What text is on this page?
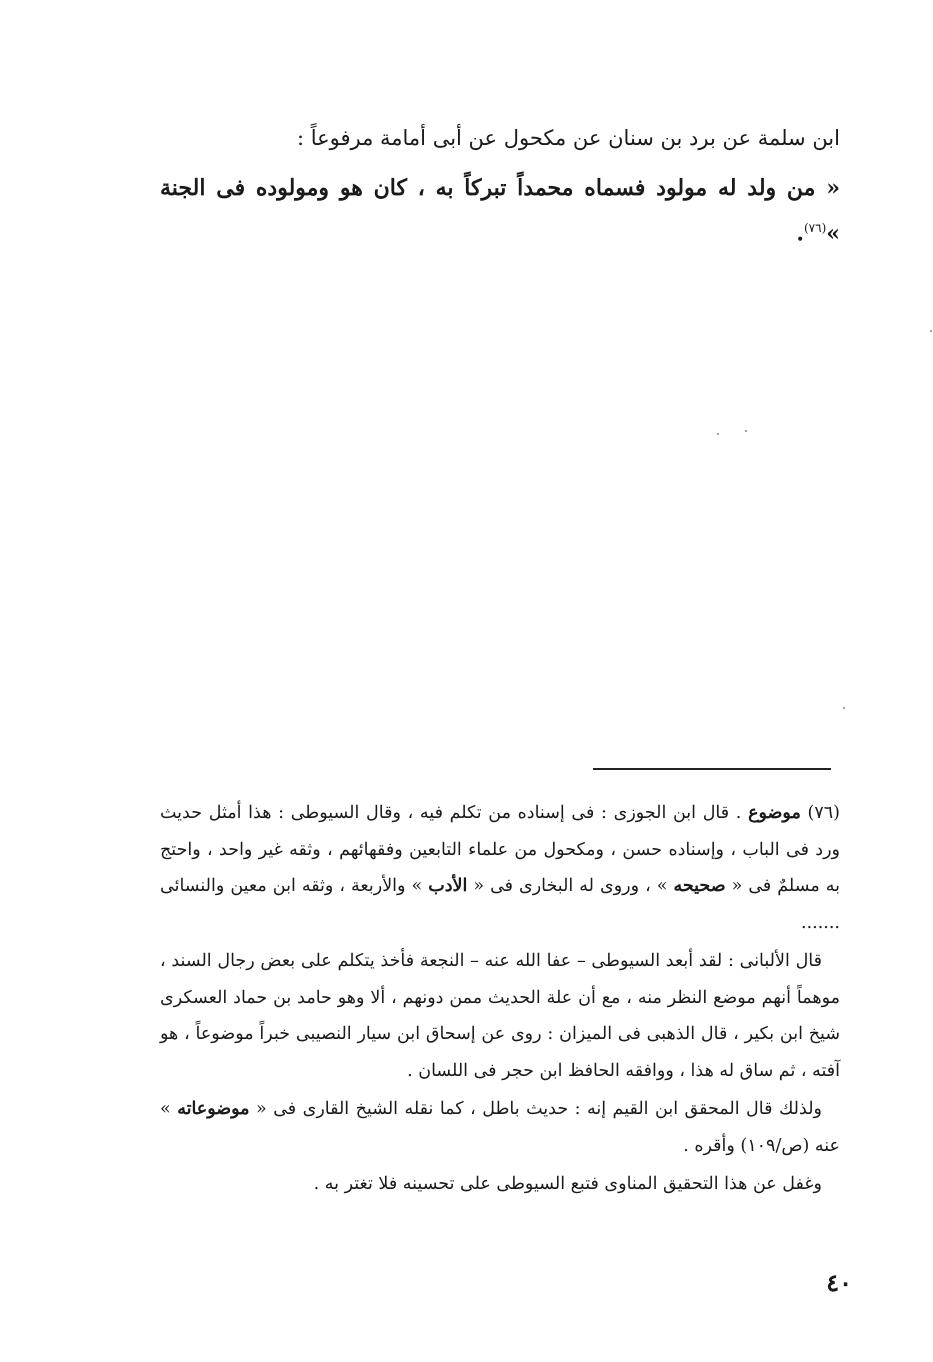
ابن سلمة عن برد بن سنان عن مكحول عن أبى أمامة مرفوعاً :
« من ولد له مولود فسماه محمداً تبركاً به ، كان هو ومولوده فى الجنة »$^{(٧٦)}$.

(٧٦) موضوع . قال ابن الجوزى : فى إسناده من تكلم فيه ، وقال السيوطى : هذا أمثل حديث ورد فى الباب ، وإسناده حسن ، ومكحول من علماء التابعين وفقهائهم ، وثقه غير واحد ، واحتج به مسلمٌ فى « صحيحه » ، وروى له البخارى فى « الأدب » والأربعة ، وثقه ابن معين والنسائى .......

قال الألبانى : لقد أبعد السيوطى – عفا الله عنه – النجعة فأخذ يتكلم على بعض رجال السند ، موهماً أنهم موضع النظر منه ، مع أن علة الحديث ممن دونهم ، ألا وهو حامد بن حماد العسكرى شيخ ابن بكير ، قال الذهبى فى الميزان : روى عن إسحاق ابن سيار النصيبى خبراً موضوعاً ، هو آفته ، ثم ساق له هذا ، ووافقه الحافظ ابن حجر فى اللسان .

ولذلك قال المحقق ابن القيم إنه : حديث باطل ، كما نقله الشيخ القارى فى « موضوعاته » عنه (ص/١٠٩) وأقره .

وغفل عن هذا التحقيق المناوى فتبع السيوطى على تحسينه فلا تغتر به .

٤٠
